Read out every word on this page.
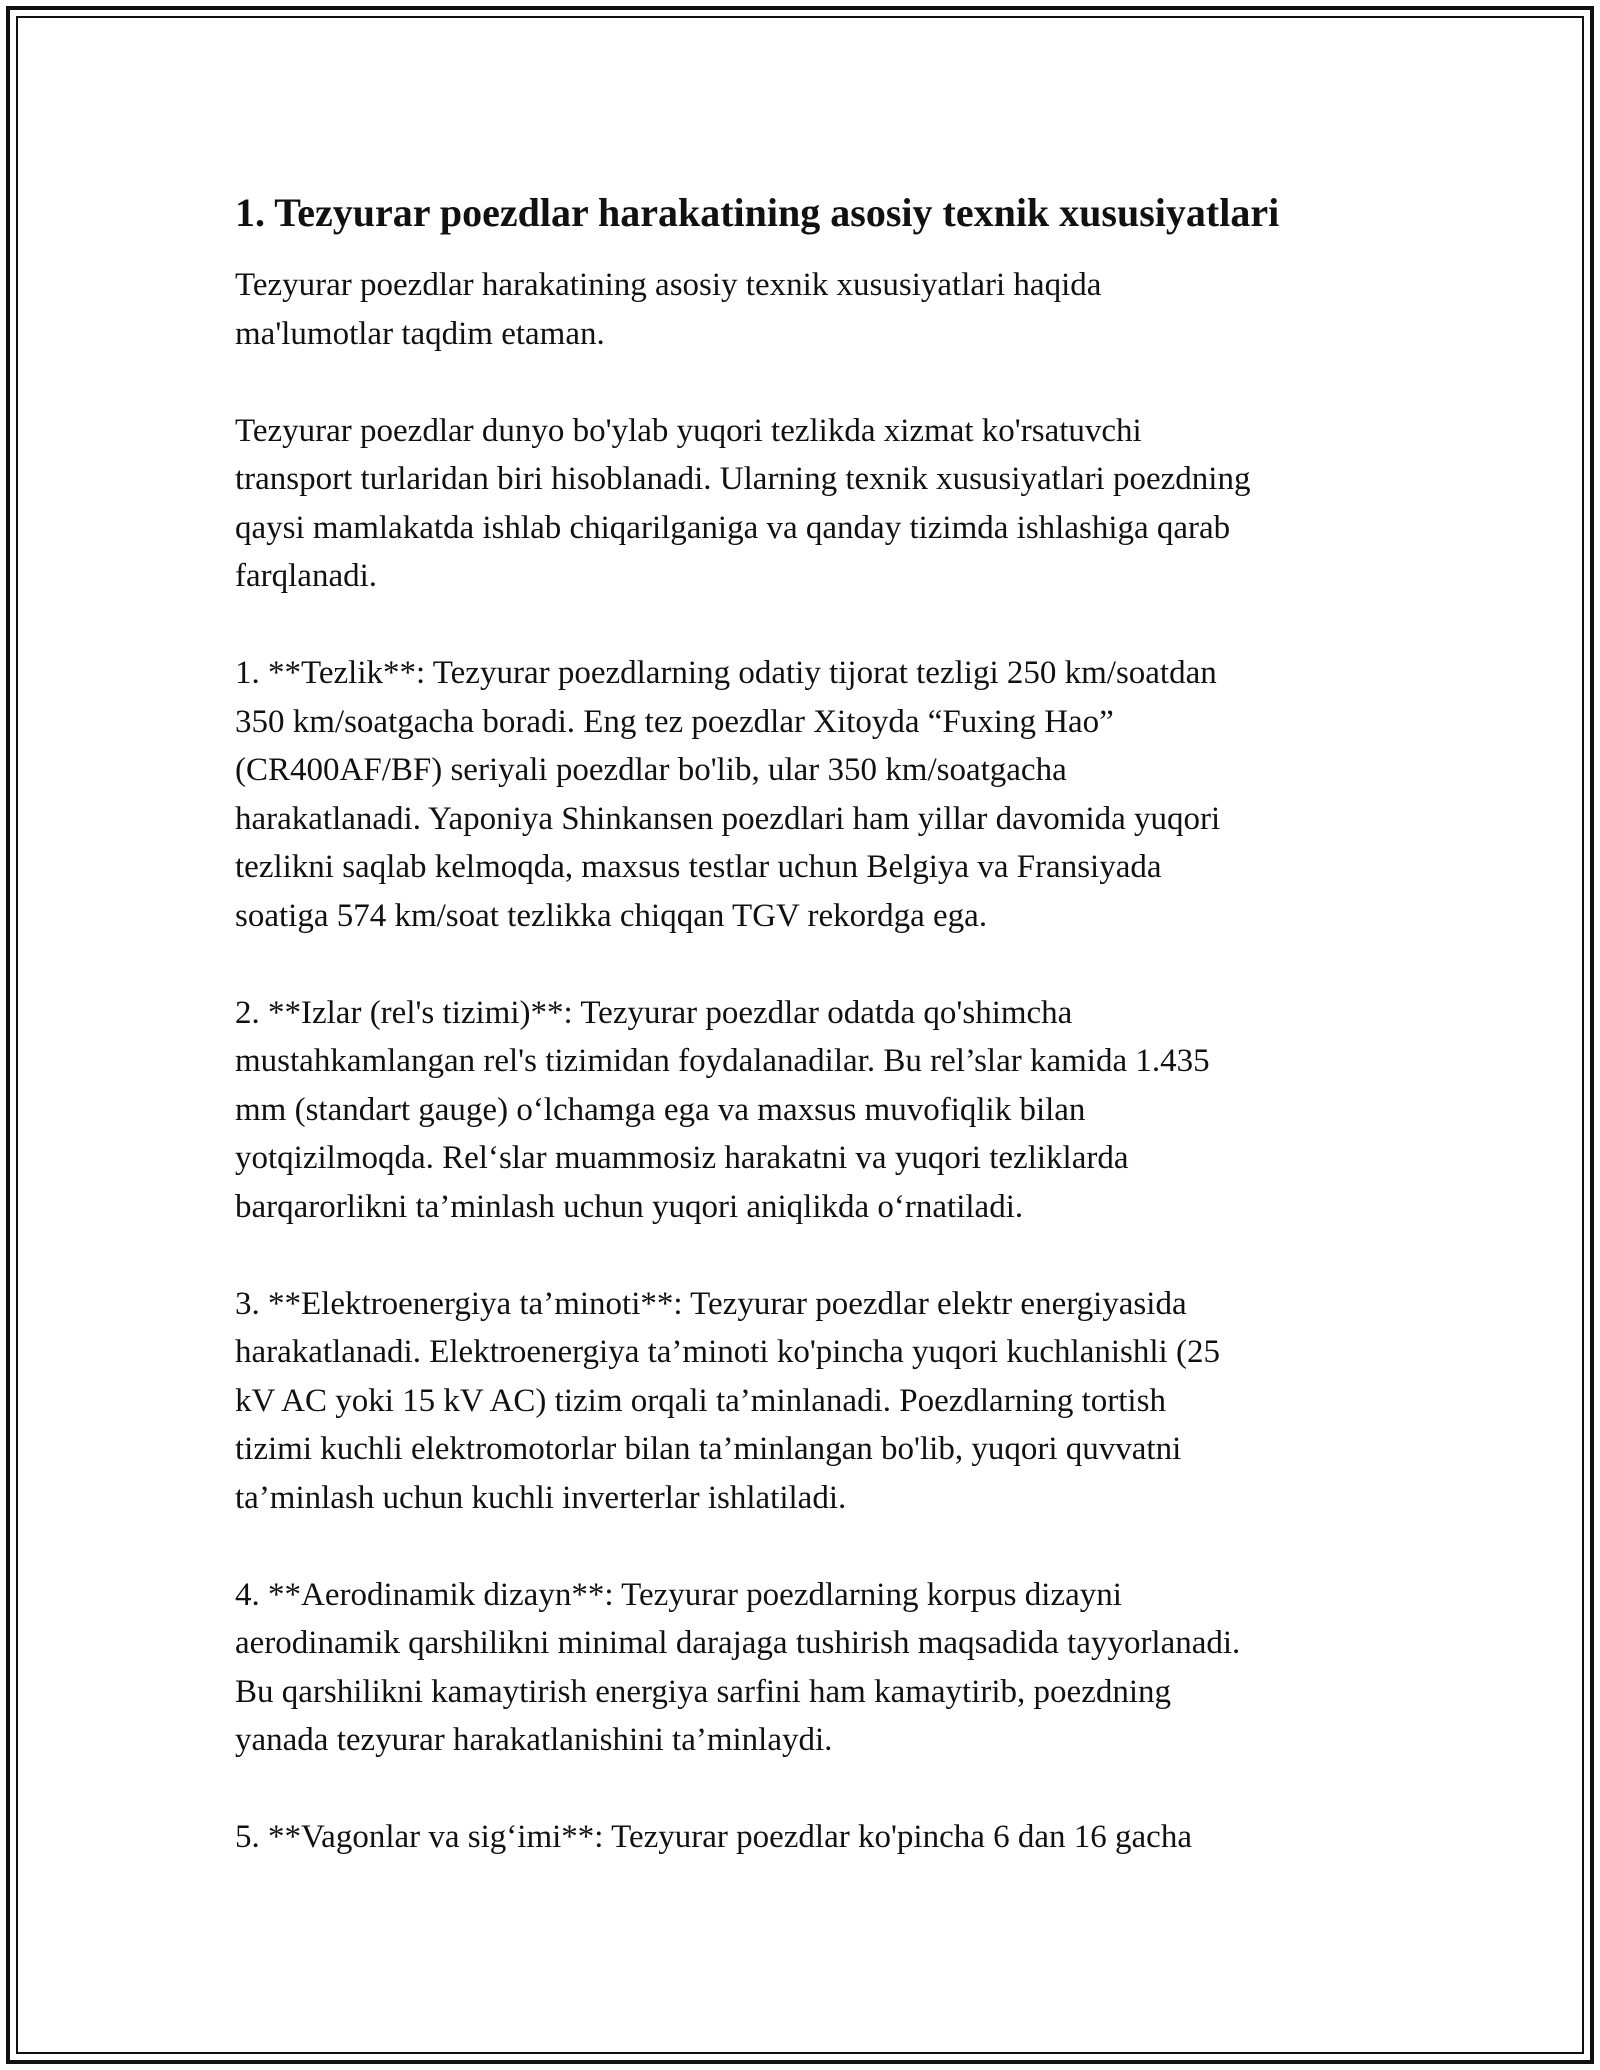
1. Tezyurar poezdlar harakatining asosiy texnik xususiyatlari
Tezyurar poezdlar harakatining asosiy texnik xususiyatlari haqida
ma'lumotlar taqdim etaman.
Tezyurar poezdlar dunyo bo'ylab yuqori tezlikda xizmat ko'rsatuvchi
transport turlaridan biri hisoblanadi. Ularning texnik xususiyatlari poezdning
qaysi mamlakatda ishlab chiqarilganiga va qanday tizimda ishlashiga qarab
farqlanadi.
1. **Tezlik**: Tezyurar poezdlarning odatiy tijorat tezligi 250 km/soatdan
350 km/soatgacha boradi. Eng tez poezdlar Xitoyda “Fuxing Hao”
(CR400AF/BF) seriyali poezdlar bo'lib, ular 350 km/soatgacha
harakatlanadi. Yaponiya Shinkansen poezdlari ham yillar davomida yuqori
tezlikni saqlab kelmoqda, maxsus testlar uchun Belgiya va Fransiyada
soatiga 574 km/soat tezlikka chiqqan TGV rekordga ega.
2. **Izlar (rel's tizimi)**: Tezyurar poezdlar odatda qo'shimcha
mustahkamlangan rel's tizimidan foydalanadilar. Bu rel’slar kamida 1.435
mm (standart gauge) o‘lchamga ega va maxsus muvofiqlik bilan
yotqizilmoqda. Rel‘slar muammosiz harakatni va yuqori tezliklarda
barqarorlikni ta’minlash uchun yuqori aniqlikda o‘rnatiladi.
3. **Elektroenergiya ta’minoti**: Tezyurar poezdlar elektr energiyasida
harakatlanadi. Elektroenergiya ta’minoti ko'pincha yuqori kuchlanishli (25
kV AC yoki 15 kV AC) tizim orqali ta’minlanadi. Poezdlarning tortish
tizimi kuchli elektromotorlar bilan ta’minlangan bo'lib, yuqori quvvatni
ta’minlash uchun kuchli inverterlar ishlatiladi.
4. **Aerodinamik dizayn**: Tezyurar poezdlarning korpus dizayni
aerodinamik qarshilikni minimal darajaga tushirish maqsadida tayyorlanadi.
Bu qarshilikni kamaytirish energiya sarfini ham kamaytirib, poezdning
yanada tezyurar harakatlanishini ta’minlaydi.
5. **Vagonlar va sig‘imi**: Tezyurar poezdlar ko'pincha 6 dan 16 gacha
